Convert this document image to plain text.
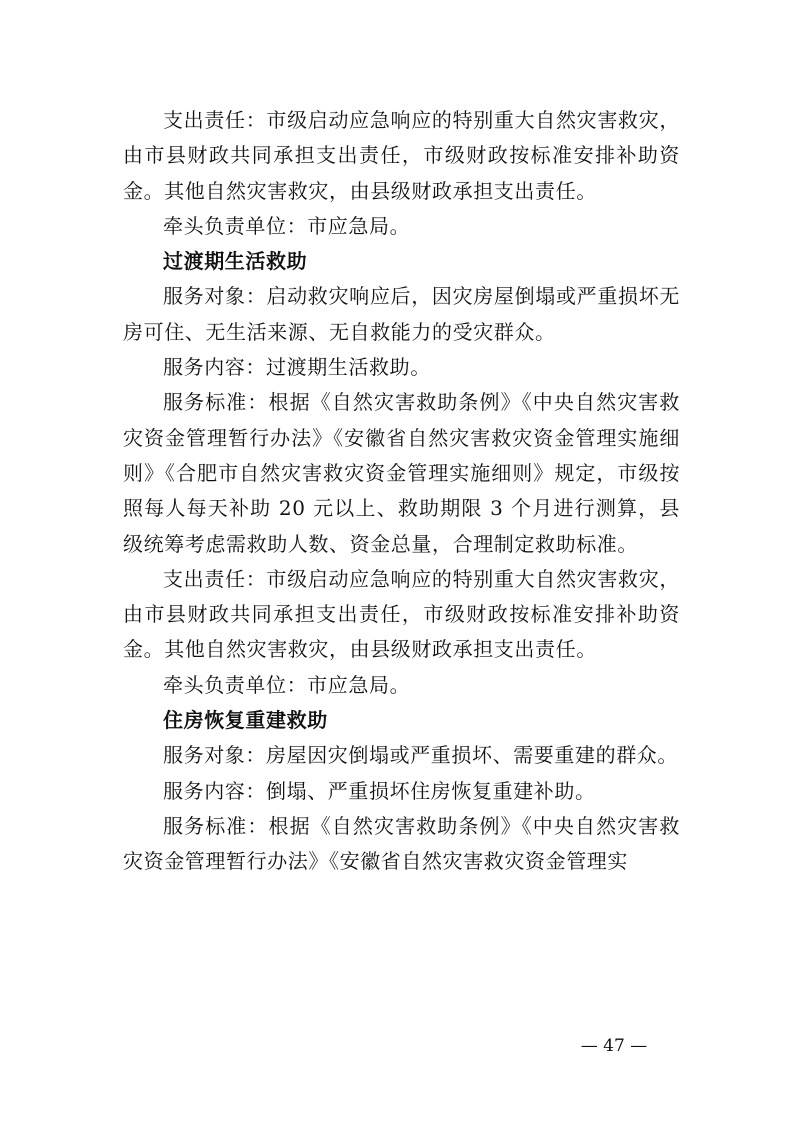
支出责任：市级启动应急响应的特别重大自然灾害救灾，由市县财政共同承担支出责任，市级财政按标准安排补助资金。其他自然灾害救灾，由县级财政承担支出责任。

牵头负责单位：市应急局。

过渡期生活救助

服务对象：启动救灾响应后，因灾房屋倒塌或严重损坏无房可住、无生活来源、无自救能力的受灾群众。

服务内容：过渡期生活救助。

服务标准：根据《自然灾害救助条例》《中央自然灾害救灾资金管理暂行办法》《安徽省自然灾害救灾资金管理实施细则》《合肥市自然灾害救灾资金管理实施细则》规定，市级按照每人每天补助 20 元以上、救助期限 3 个月进行测算，县级统筹考虑需救助人数、资金总量，合理制定救助标准。

支出责任：市级启动应急响应的特别重大自然灾害救灾，由市县财政共同承担支出责任，市级财政按标准安排补助资金。其他自然灾害救灾，由县级财政承担支出责任。

牵头负责单位：市应急局。

住房恢复重建救助

服务对象：房屋因灾倒塌或严重损坏、需要重建的群众。

服务内容：倒塌、严重损坏住房恢复重建补助。

服务标准：根据《自然灾害救助条例》《中央自然灾害救灾资金管理暂行办法》《安徽省自然灾害救灾资金管理实

— 47 —
